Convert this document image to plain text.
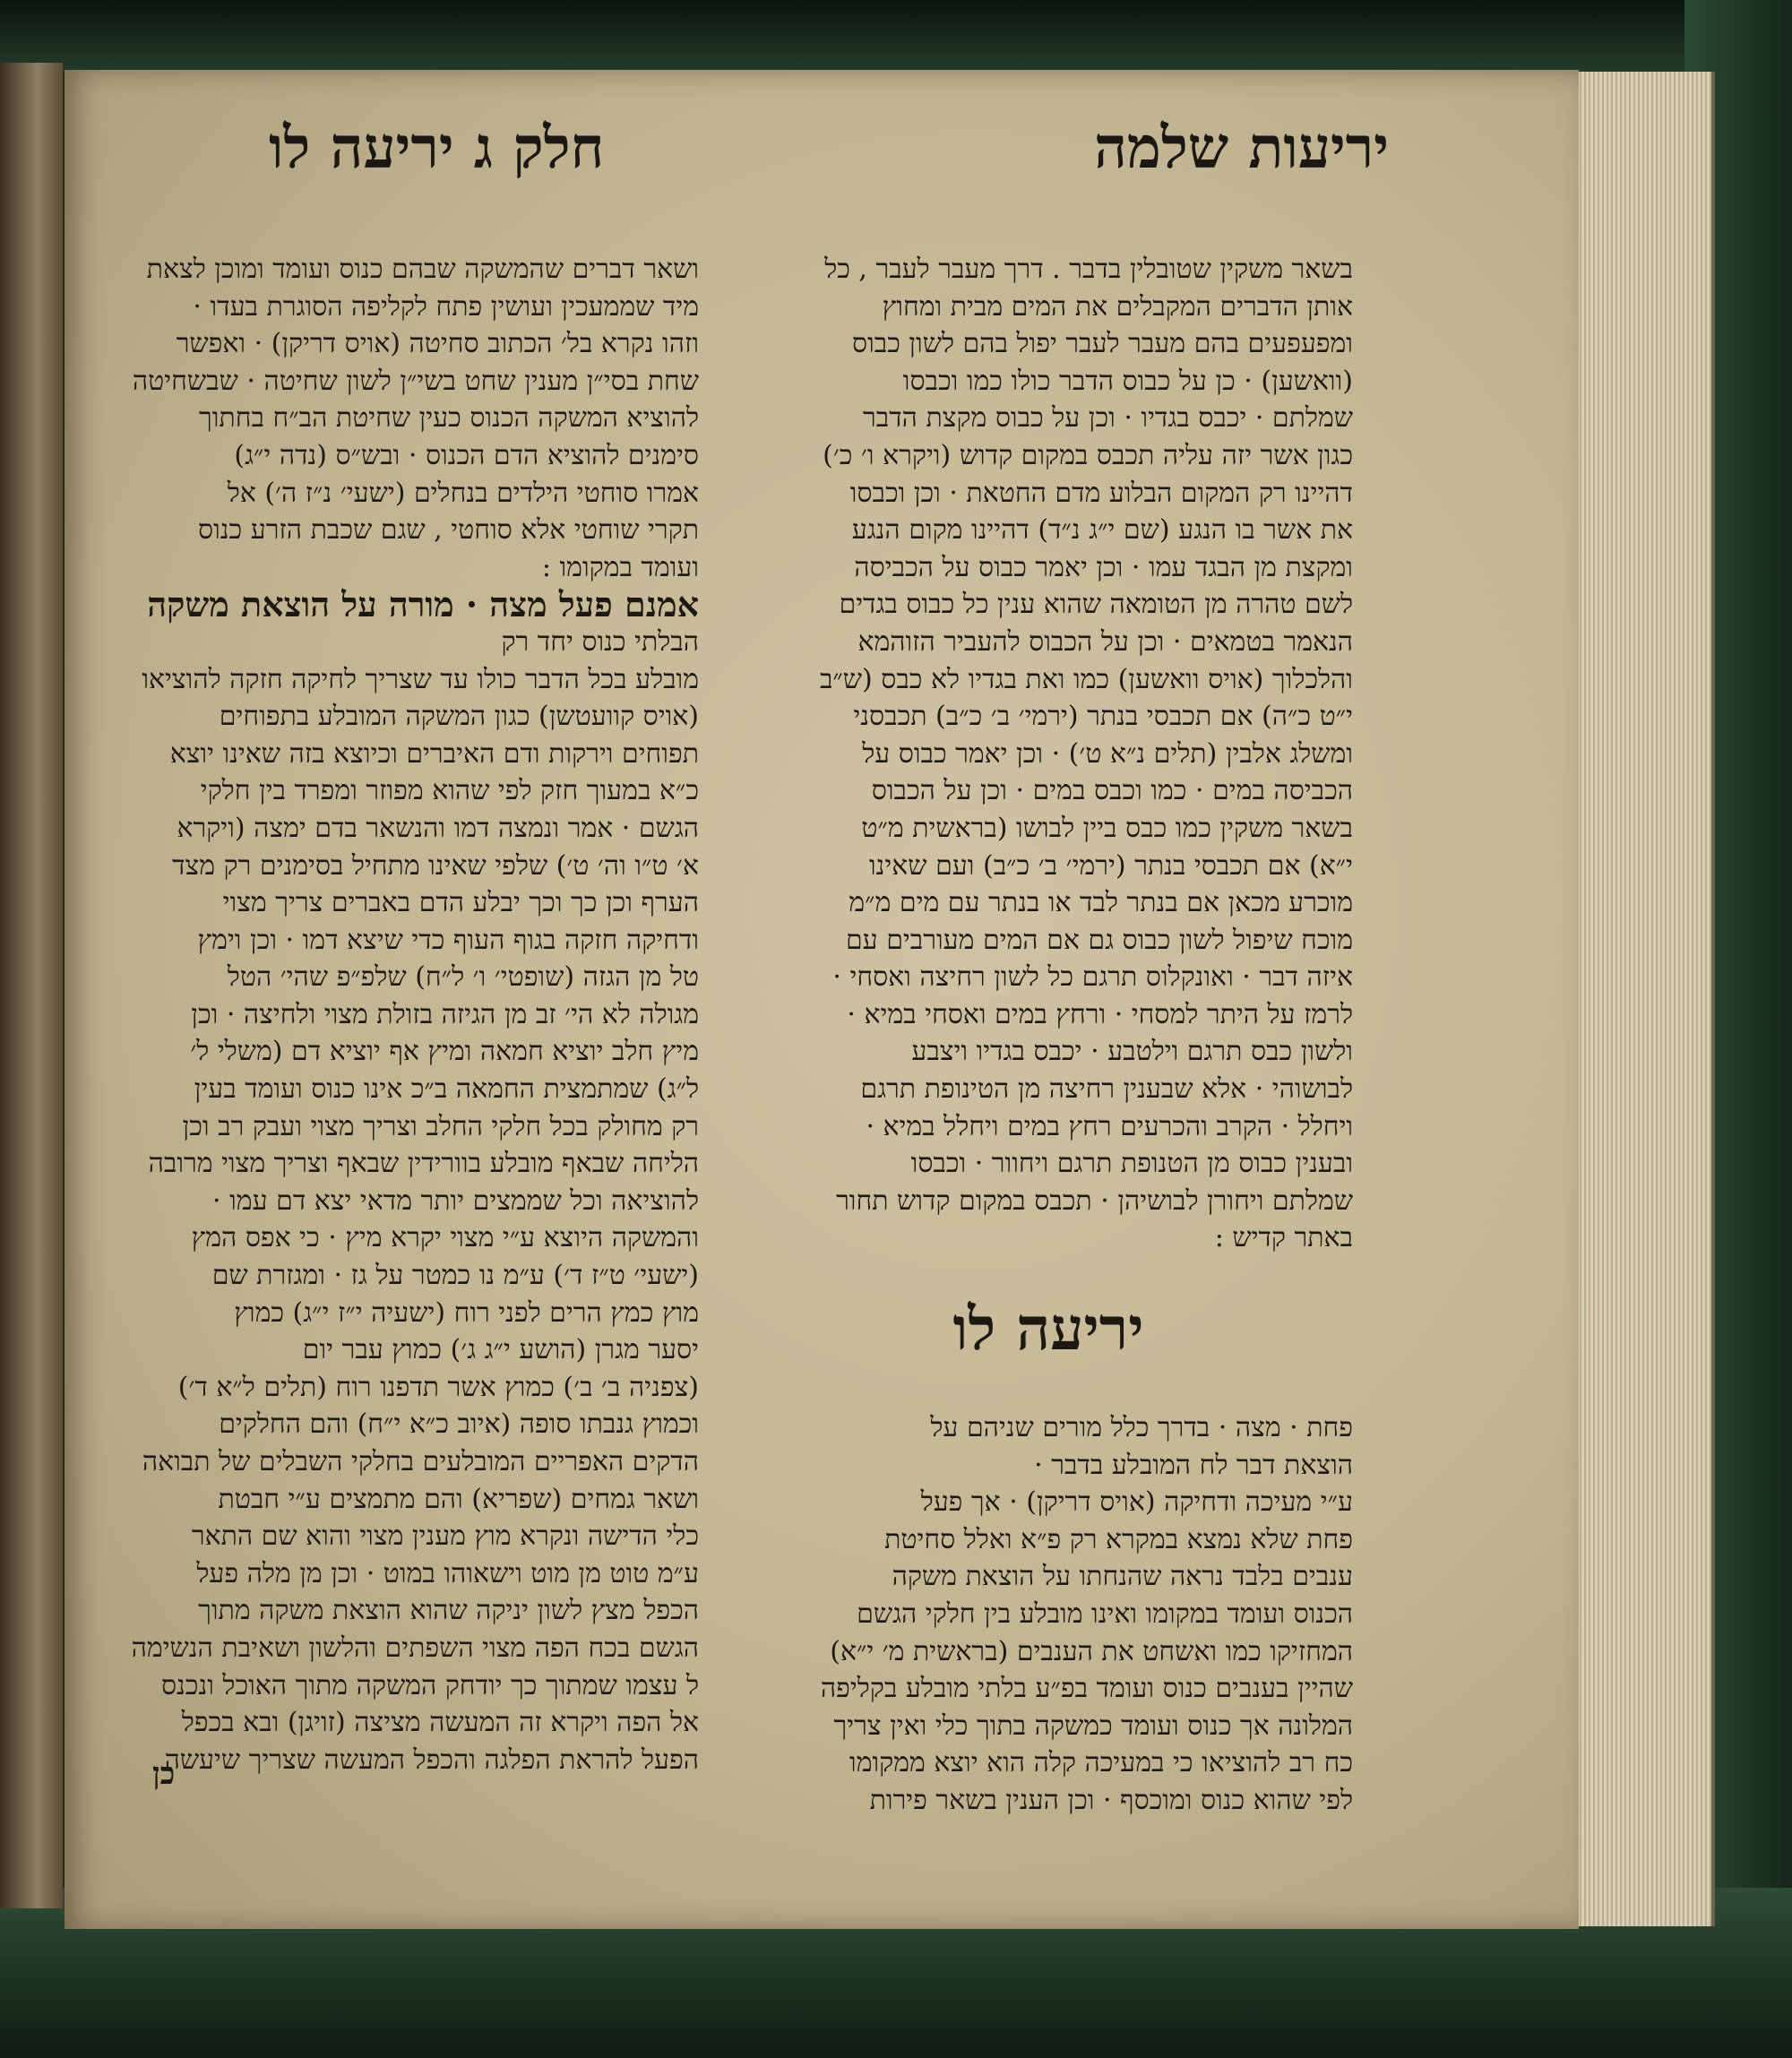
יריעות שלמה
חלק ג יריעה לו
בשאר משקין שטובלין בדבר . דרך מעבר לעבר , כל
אותן הדברים המקבלים את המים מבית ומחוץ
ומפעפעים בהם מעבר לעבר יפול בהם לשון כבוס
(וואשען) · כן על כבוס הדבר כולו כמו וכבסו
שמלתם · יכבס בגדיו · וכן על כבוס מקצת הדבר
כגון אשר יזה עליה תכבס במקום קדוש (ויקרא ו׳ כ׳)
דהיינו רק המקום הבלוע מדם החטאת · וכן וכבסו
את אשר בו הנגע (שם י״ג נ״ד) דהיינו מקום הנגע
ומקצת מן הבגד עמו · וכן יאמר כבוס על הכביסה
לשם טהרה מן הטומאה שהוא ענין כל כבוס בגדים
הנאמר בטמאים · וכן על הכבוס להעביר הזוהמא
והלכלוך (אויס וואשען) כמו ואת בגדיו לא כבס (ש״ב
י״ט כ״ה) אם תכבסי בנתר (ירמי׳ ב׳ כ״ב) תכבסני
ומשלג אלבין (תלים נ״א ט׳) · וכן יאמר כבוס על
הכביסה במים · כמו וכבס במים · וכן על הכבוס
בשאר משקין כמו כבס ביין לבושו (בראשית מ״ט
י״א) אם תכבסי בנתר (ירמי׳ ב׳ כ״ב) ועם שאינו
מוכרע מכאן אם בנתר לבד או בנתר עם מים מ״מ
מוכח שיפול לשון כבוס גם אם המים מעורבים עם
איזה דבר · ואונקלוס תרגם כל לשון רחיצה ואסחי ·
לרמז על היתר למסחי · ורחץ במים ואסחי במיא ·
ולשון כבס תרגם וילטבע · יכבס בגדיו ויצבע
לבושוהי · אלא שבענין רחיצה מן הטינופת תרגם
ויחלל · הקרב והכרעים רחץ במים ויחלל במיא ·
ובענין כבוס מן הטנופת תרגם ויחוור · וכבסו
שמלתם ויחורן לבושיהן · תכבס במקום קדוש תחור
באתר קדיש :
יריעה לו
פחת · מצה · בדרך כלל מורים שניהם על
הוצאת דבר לח המובלע בדבר ·
ע״י מעיכה ודחיקה (אויס דריקן) · אך פעל
פחת שלא נמצא במקרא רק פ״א ואלל סחיטת
ענבים בלבד נראה שהנחתו על הוצאת משקה
הכנוס ועומד במקומו ואינו מובלע בין חלקי הגשם
המחזיקו כמו ואשחט את הענבים (בראשית מ׳ י״א)
שהיין בענבים כנוס ועומד בפ״ע בלתי מובלע בקליפה
המלונה אך כנוס ועומד כמשקה בתוך כלי ואין צריך
כח רב להוציאו כי במעיכה קלה הוא יוצא ממקומו
לפי שהוא כנוס ומוכסף · וכן הענין בשאר פירות
ושאר דברים שהמשקה שבהם כנוס ועומד ומוכן לצאת
מיד שממעכין ועושין פתח לקליפה הסוגרת בעדו ·
וזהו נקרא בל׳ הכתוב סחיטה (אויס דריקן) · ואפשר
שחת בסי״ן מענין שחט בשי״ן לשון שחיטה · שבשחיטה
להוציא המשקה הכנוס כעין שחיטת הב״ח בחתוך
סימנים להוציא הדם הכנוס · ובש״ס (נדה י״ג)
אמרו סוחטי הילדים בנחלים (ישעי׳ נ״ז ה׳) אל
תקרי שוחטי אלא סוחטי , שגם שכבת הזרע כנוס
ועומד במקומו :
אמנם פעל מצה · מורה על הוצאת משקה
הבלתי כנוס יחד רק
מובלע בכל הדבר כולו עד שצריך לחיקה חזקה להוציאו
(אויס קוועטשן) כגון המשקה המובלע בתפוחים
תפוחים וירקות ודם האיברים וכיוצא בזה שאינו יוצא
כ״א במעוך חזק לפי שהוא מפוזר ומפרד בין חלקי
הגשם · אמר ונמצה דמו והנשאר בדם ימצה (ויקרא
א׳ ט״ו וה׳ ט׳) שלפי שאינו מתחיל בסימנים רק מצד
הערף וכן כך וכך יבלע הדם באברים צריך מצוי
ודחיקה חזקה בגוף העוף כדי שיצא דמו · וכן וימץ
טל מן הגזה (שופטי׳ ו׳ ל״ח) שלפ״פ שהי׳ הטל
מגולה לא הי׳ זב מן הגיזה בזולת מצוי ולחיצה · וכן
מיץ חלב יוציא חמאה ומיץ אף יוציא דם (משלי ל׳
ל״ג) שמתמצית החמאה ב״כ אינו כנוס ועומד בעין
רק מחולק בכל חלקי החלב וצריך מצוי ועבק רב וכן
הליחה שבאף מובלע בוורידין שבאף וצריך מצוי מרובה
להוציאה וכל שממצים יותר מדאי יצא דם עמו ·
והמשקה היוצא ע״י מצוי יקרא מיץ · כי אפס המץ
(ישעי׳ ט״ז ד׳) ע״מ נו כמטר על גז · ומגזרת שם
מוץ כמץ הרים לפני רוח (ישעיה י״ז י״ג) כמוץ
יסער מגרן (הושע י״ג ג׳) כמוץ עבר יום
(צפניה ב׳ ב׳) כמוץ אשר תדפנו רוח (תלים ל״א ד׳)
וכמוץ גנבתו סופה (איוב כ״א י״ח) והם החלקים
הדקים האפריים המובלעים בחלקי השבלים של תבואה
ושאר גמחים (שפריא) והם מתמצים ע״י חבטת
כלי הדישה ונקרא מוץ מענין מצוי והוא שם התאר
ע״מ טוט מן מוט וישאוהו במוט · וכן מן מלה פעל
הכפל מצץ לשון יניקה שהוא הוצאת משקה מתוך
הגשם בכח הפה מצוי השפתים והלשון ושאיבת הנשימה
ל עצמו שמתוך כך יודחק המשקה מתוך האוכל ונכנס
אל הפה ויקרא זה המעשה מציצה (זויגן) ובא בכפל
הפעל להראת הפלגה והכפל המעשה שצריך שיעשה
כן
